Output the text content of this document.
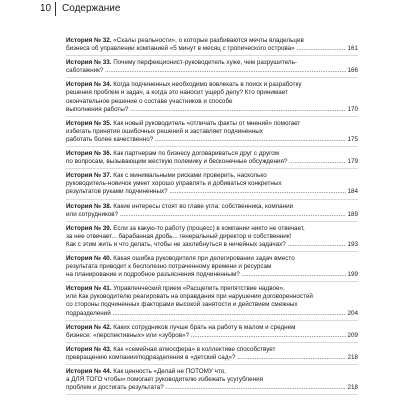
10 Содержание
История № 32. «Скалы реальности», о которые разбиваются мечты владельцев
бизнеса об управлении компанией «5 минут в месяц с тропического острова» .....	161
История № 33. Почему перфекционист-руководитель хуже, чем разрушитель-
саботажник? .....	166
История № 34. Когда подчиненных необходимо вовлекать в поиск и разработку
решения проблем и задач, а когда это наносит ущерб делу? Кто принимает
окончательное решение о составе участников и способе
выполнения работы? .....	170
История № 35. Как новый руководитель «отличать факты от мнений» помогает
избегать принятия ошибочных решений и заставляет подчиненных
работать более качественно? .....	175
История № 36. Как партнерам по бизнесу договариваться друг с другом
по вопросам, вызывающим жесткую полемику и бесконечные обсуждения? .....	179
История № 37. Как с минимальными рисками проверить, насколько
руководитель-новичок умеет хорошо управлять и добиваться конкретных
результатов руками подчиненных? .....	184
История № 38. Какие интересы стоят во главе угла: собственника, компании
или сотрудников? .....	189
История № 39. Если за какую-то работу (процесс) в компании никто не отвечает,
за нее отвечает... барабанная дробь... генеральный директор и собственник!
Как с этим жить и что делать, чтобы не захлебнуться в ничейных задачах? .....	193
История № 40. Какая ошибка руководителя при делегировании задач вместо
результата приводит к бесполезно потраченному времени и ресурсам
на планирование и подробное разъяснения подчиненным? .....	199
История № 41. Управленческий прием «Расщепить препятствие надвое»,
или Как руководителю реагировать на оправдания при нарушении договоренностей
со стороны подчиненных факторами высокой занятости и действием смежных
подразделений .....	204
История № 42. Каких сотрудников лучше брать на работу в малом и среднем
бизнесе: «перспективных» или «зубров»? .....	209
История № 43. Как «семейная атмосфера» в коллективе способствует
превращению компании/подразделения в «детский сад»? .....	218
История № 44. Как ценность «Делай не ПОТОМУ что,
а ДЛЯ ТОГО чтобы» помогает руководителю избежать усугубления
проблем и достигать результата? .....	218
